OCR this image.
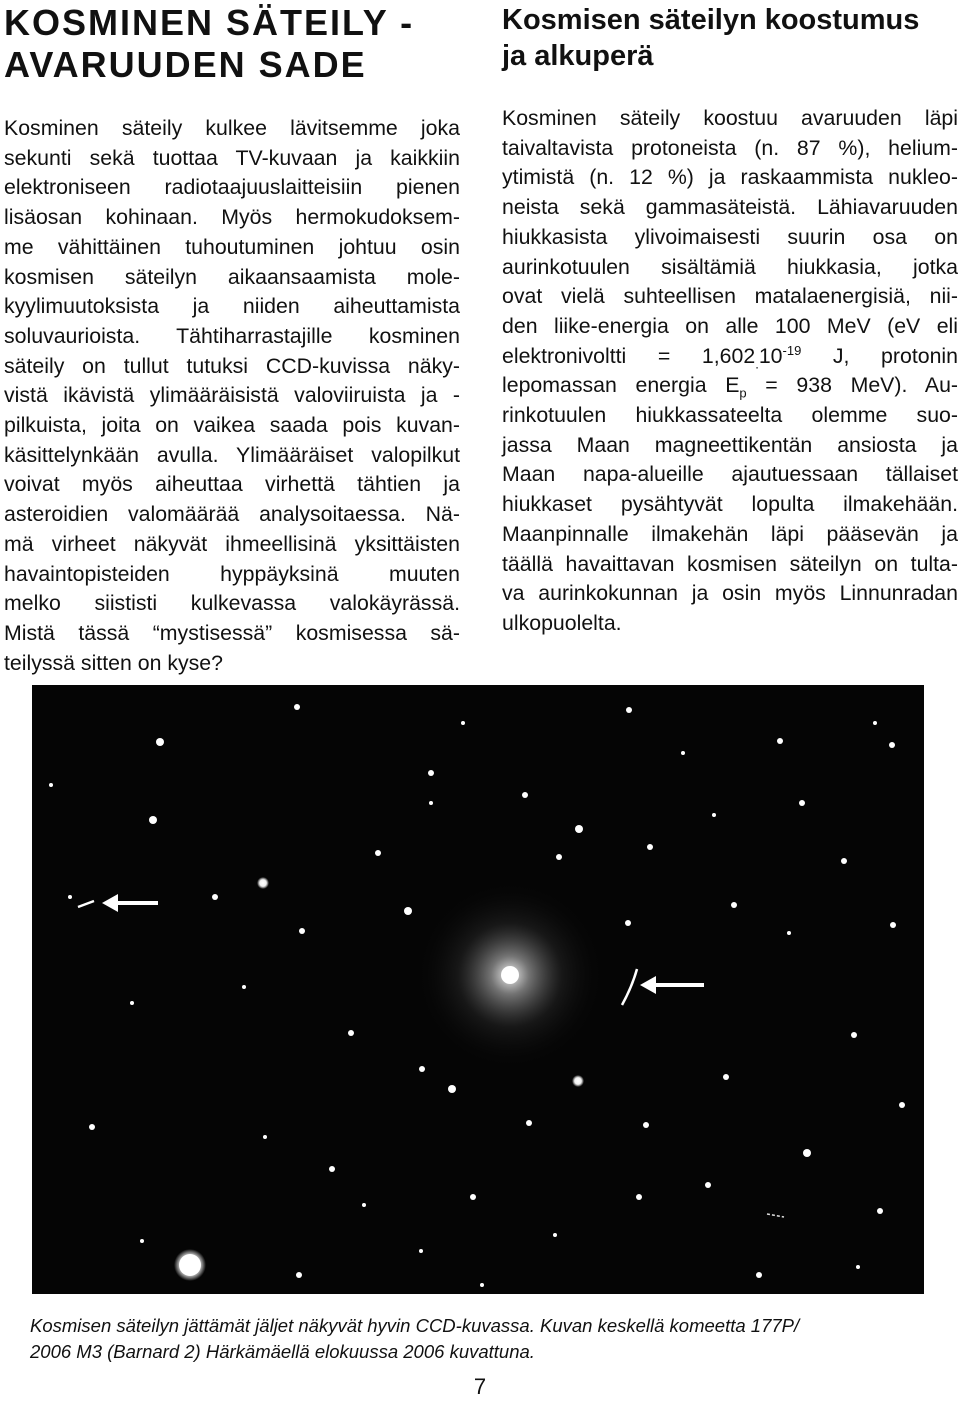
KOSMINEN SÄTEILY -
AVARUUDEN SADE
Kosminen säteily kulkee lävitsemme joka
sekunti sekä tuottaa TV-kuvaan ja kaikkiin
elektroniseen radiotaajuuslaitteisiin pienen
lisäosan kohinaan. Myös hermokudoksem-
me vähittäinen tuhoutuminen johtuu osin
kosmisen säteilyn aikaansaamista mole-
kyylimuutoksista ja niiden aiheuttamista
soluvaurioista. Tähtiharrastajille kosminen
säteily on tullut tutuksi CCD-kuvissa näky-
vistä ikävistä ylimääräisistä valoviiruista ja -
pilkuista, joita on vaikea saada pois kuvan-
käsittelynkään avulla. Ylimääräiset valopilkut
voivat myös aiheuttaa virhettä tähtien ja
asteroidien valomäärää analysoitaessa. Nä-
mä virheet näkyvät ihmeellisinä yksittäisten
havaintopisteiden hyppäyksinä muuten
melko siististi kulkevassa valokäyrässä.
Mistä tässä “mystisessä” kosmisessa sä-
teilyssä sitten on kyse?
Kosmisen säteilyn koostumus
ja alkuperä
Kosminen säteily koostuu avaruuden läpi
taivaltavista protoneista (n. 87 %), helium-
ytimistä (n. 12 %) ja raskaammista nukleo-
neista sekä gammasäteistä. Lähiavaruuden
hiukkasista ylivoimaisesti suurin osa on
aurinkotuulen sisältämiä hiukkasia, jotka
ovat vielä suhteellisen matalaenergisiä, nii-
den liike-energia on alle 100 MeV (eV eli
elektronivoltti = $1,602_.10^{-19}$ J, protonin
lepomassan energia $E_p = 938$ MeV). Au-
rinkotuulen hiukkassateelta olemme suo-
jassa Maan magneettikentän ansiosta ja
Maan napa-alueille ajautuessaan tällaiset
hiukkaset pysähtyvät lopulta ilmakehään.
Maanpinnalle ilmakehän läpi pääsevän ja
täällä havaittavan kosmisen säteilyn on tulta-
va aurinkokunnan ja osin myös Linnunradan
ulkopuolelta.

Kosmisen säteilyn jättämät jäljet näkyvät hyvin CCD-kuvassa. Kuvan keskellä komeetta 177P/
2006 M3 (Barnard 2) Härkämäellä elokuussa 2006 kuvattuna.

7
